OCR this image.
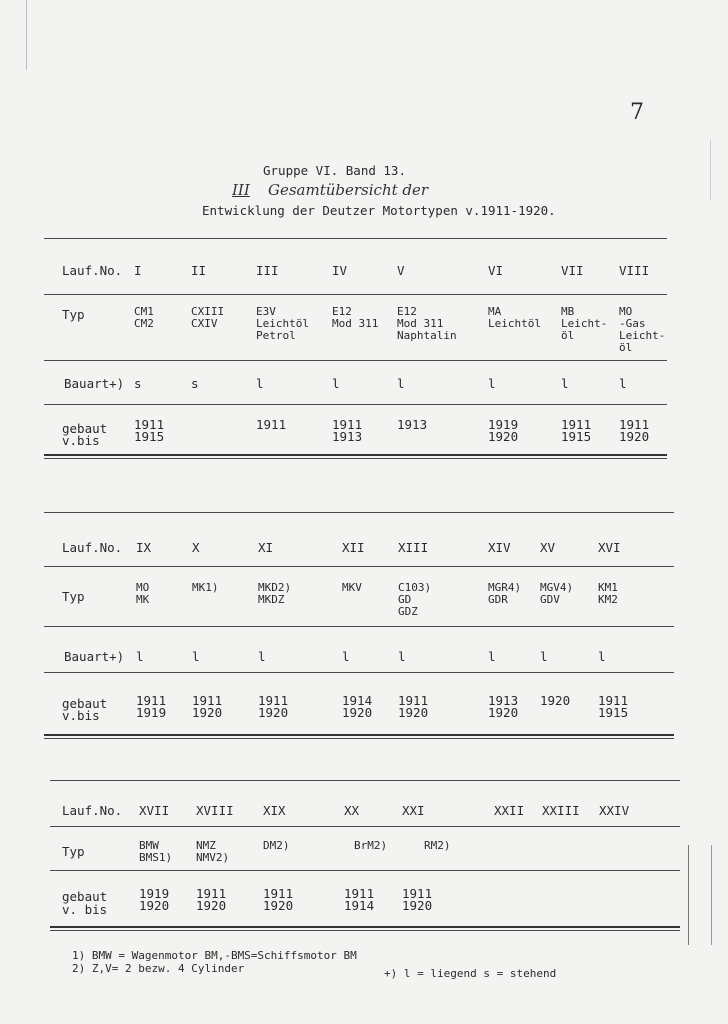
7
Gruppe VI. Band 13.
III Gesamtübersicht der
Entwicklung der Deutzer Motortypen v.1911-1920.
Lauf.No.
Typ
Bauart+)
gebaut
v.bis
I
CM1
CM2
s
1911
1915
II
CXIII
CXIV
s
III
E3V
Leichtöl
Petrol
l
1911
IV
E12
Mod 311
l
1911
1913
V
E12
Mod 311
Naphtalin
l
1913
VI
MA
Leichtöl
l
1919
1920
VII
MB
Leicht-
öl
l
1911
1915
VIII
MO
-Gas
Leicht-
öl
l
1911
1920
Lauf.No.
Typ
Bauart+)
gebaut
v.bis
IX
MO
MK
l
1911
1919
X
MK1)
l
1911
1920
XI
MKD2)
MKDZ
l
1911
1920
XII
MKV
l
1914
1920
XIII
C103)
GD
GDZ
l
1911
1920
XIV
MGR4)
GDR
l
1913
1920
XV
MGV4)
GDV
l
1920
XVI
KM1
KM2
l
1911
1915
Lauf.No.
Typ
gebaut
v. bis
XVII
BMW
BMS1)
1919
1920
XVIII
NMZ
NMV2)
1911
1920
XIX
DM2)
1911
1920
XX
BrM2)
1911
1914
XXI
RM2)
1911
1920
XXII XXIII XXIV
1) BMW = Wagenmotor BM,-BMS=Schiffsmotor BM
2) Z,V= 2 bezw. 4 Cylinder	+) l = liegend s = stehend
